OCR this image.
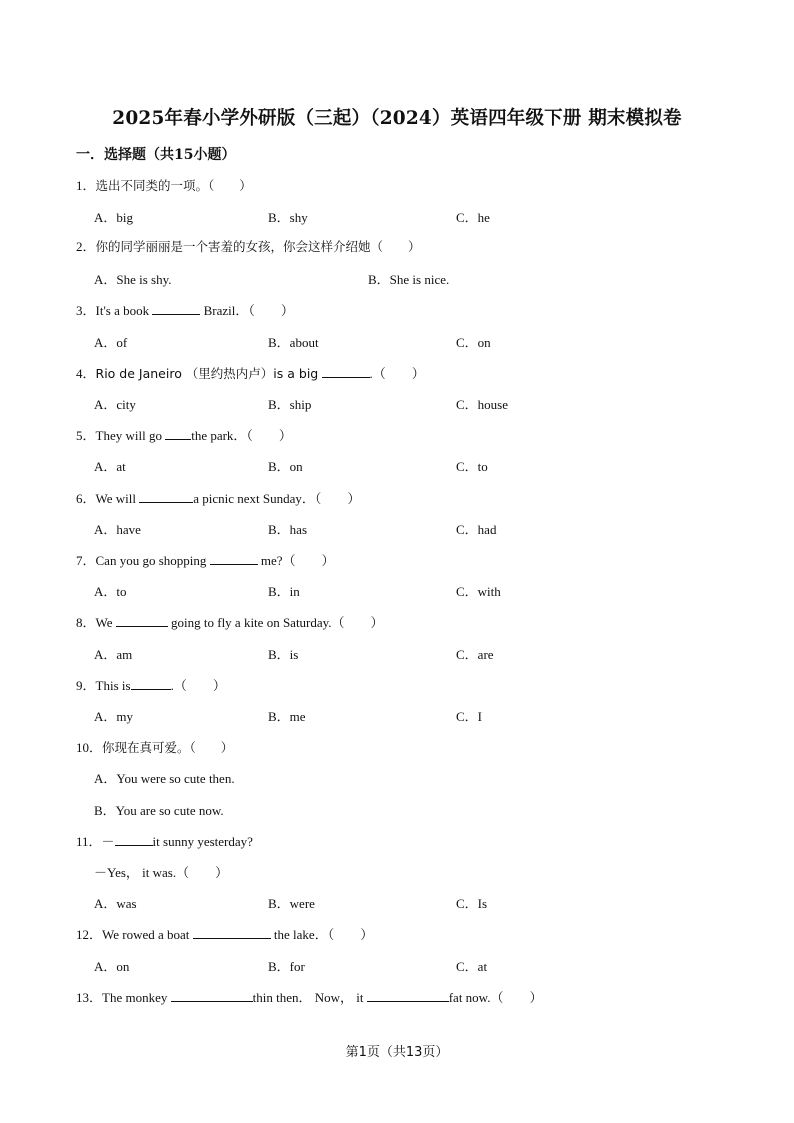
2025年春小学外研版（三起）（2024）英语四年级下册 期末模拟卷
一．选择题（共15小题）
1．选出不同类的一项。（　　）
A．big	B．shy	C．he
2．你的同学丽丽是一个害羞的女孩，你会这样介绍她（　　）
A．She is shy.	B．She is nice.
3．It's a book	Brazil．（　　）
A．of	B．about	C．on
4．Rio de Janeiro （里约热内卢）is a big	.（　　）
A．city	B．ship	C．house
5．They will go the park．（　　）
A．at	B．on	C．to
6．We will	a picnic next Sunday．（　　）
A．have	B．has	C．had
7．Can you go shopping	me?（　　）
A．to	B．in	C．with
8．We	going to fly a kite on Saturday.（　　）
A．am	B．is	C．are
9．This is	.（　　）
A．my	B．me	C．I
10．你现在真可爱。（　　）
A．You were so cute then.
B．You are so cute now.
11．－	it sunny yesterday?
－Yes， it was.（　　）
A．was	B．were	C．Is
12．We rowed a boat	the lake．（　　）
A．on	B．for	C．at
13．The monkey	thin then． Now， it	fat now.（　　）
第1页（共13页）
